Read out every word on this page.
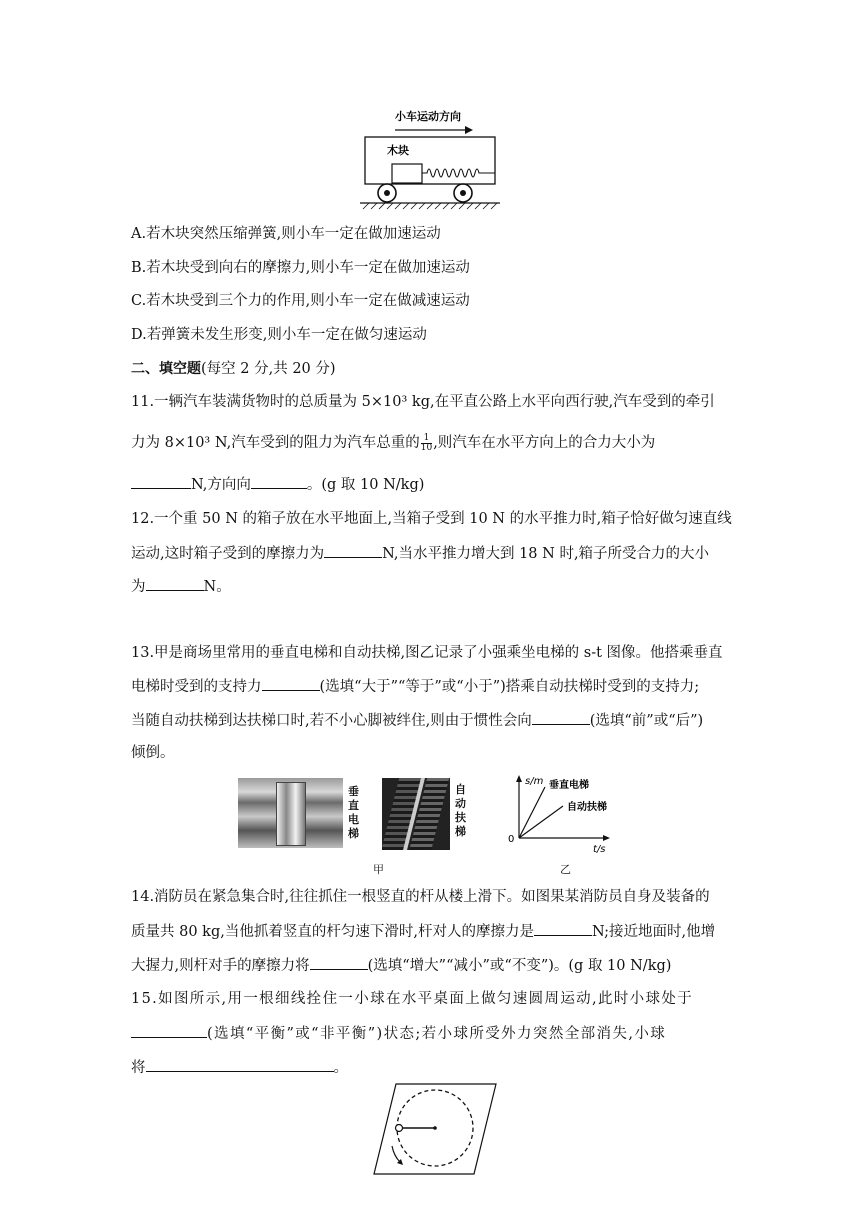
小车运动方向
木块
A.若木块突然压缩弹簧,则小车一定在做加速运动
B.若木块受到向右的摩擦力,则小车一定在做加速运动
C.若木块受到三个力的作用,则小车一定在做减速运动
D.若弹簧未发生形变,则小车一定在做匀速运动
二、填空题(每空 2 分,共 20 分)
11.一辆汽车装满货物时的总质量为 5×10³ kg,在平直公路上水平向西行驶,汽车受到的牵引
力为 8×10³ N,汽车受到的阻力为汽车总重的 $\frac{1}{10}$ ,则汽车在水平方向上的合力大小为
N,方向向	。(g 取 10 N/kg)
12.一个重 50 N 的箱子放在水平地面上,当箱子受到 10 N 的水平推力时,箱子恰好做匀速直线
运动,这时箱子受到的摩擦力为	N,当水平推力增大到 18 N 时,箱子所受合力的大小
为	N。
13.甲是商场里常用的垂直电梯和自动扶梯,图乙记录了小强乘坐电梯的 s-t 图像。他搭乘垂直
电梯时受到的支持力	(选填“大于”“等于”或“小于”)搭乘自动扶梯时受到的支持力;
当随自动扶梯到达扶梯口时,若不小心脚被绊住,则由于惯性会向	(选填“前”或“后”)
倾倒。
垂直电梯
自动扶梯
甲
s/m
t/s
0
垂直电梯
自动扶梯
乙
14.消防员在紧急集合时,往往抓住一根竖直的杆从楼上滑下。如图果某消防员自身及装备的
质量共 80 kg,当他抓着竖直的杆匀速下滑时,杆对人的摩擦力是	N;接近地面时,他增
大握力,则杆对手的摩擦力将	(选填“增大”“减小”或“不变”)。(g 取 10 N/kg)
15.如图所示,用一根细线拴住一小球在水平桌面上做匀速圆周运动,此时小球处于
(选填“平衡”或“非平衡”)状态;若小球所受外力突然全部消失,小球
将	。
